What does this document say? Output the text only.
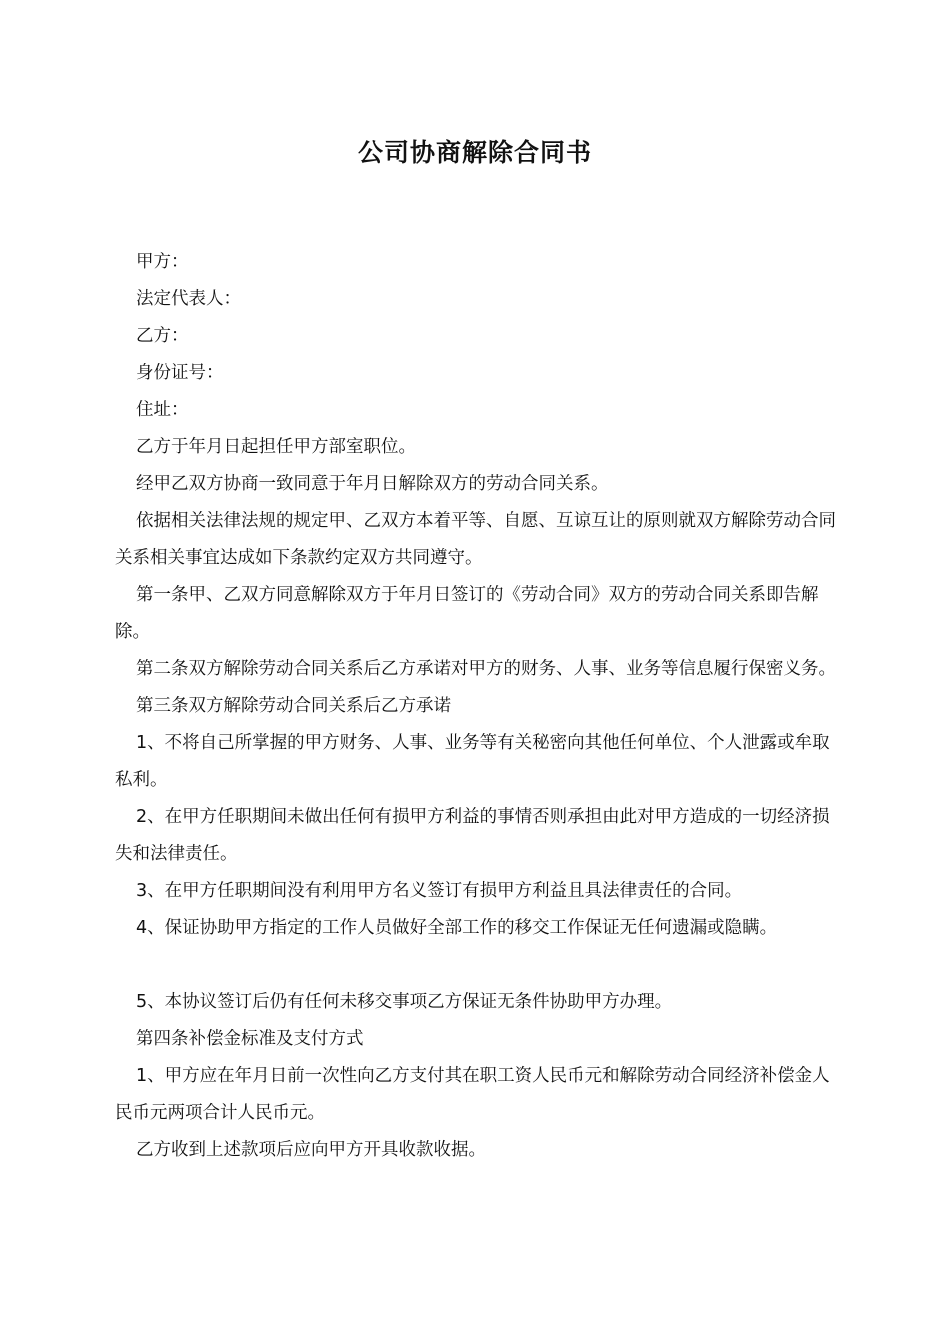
公司协商解除合同书

甲方：

法定代表人：

乙方：

身份证号：

住址：

乙方于年月日起担任甲方部室职位。

经甲乙双方协商一致同意于年月日解除双方的劳动合同关系。

依据相关法律法规的规定甲、乙双方本着平等、自愿、互谅互让的原则就双方解除劳动合同关系相关事宜达成如下条款约定双方共同遵守。

第一条甲、乙双方同意解除双方于年月日签订的《劳动合同》双方的劳动合同关系即告解除。

第二条双方解除劳动合同关系后乙方承诺对甲方的财务、人事、业务等信息履行保密义务。

第三条双方解除劳动合同关系后乙方承诺

1、不将自己所掌握的甲方财务、人事、业务等有关秘密向其他任何单位、个人泄露或牟取私利。

2、在甲方任职期间未做出任何有损甲方利益的事情否则承担由此对甲方造成的一切经济损失和法律责任。

3、在甲方任职期间没有利用甲方名义签订有损甲方利益且具法律责任的合同。

4、保证协助甲方指定的工作人员做好全部工作的移交工作保证无任何遗漏或隐瞒。

5、本协议签订后仍有任何未移交事项乙方保证无条件协助甲方办理。

第四条补偿金标准及支付方式

1、甲方应在年月日前一次性向乙方支付其在职工资人民币元和解除劳动合同经济补偿金人民币元两项合计人民币元。

乙方收到上述款项后应向甲方开具收款收据。
